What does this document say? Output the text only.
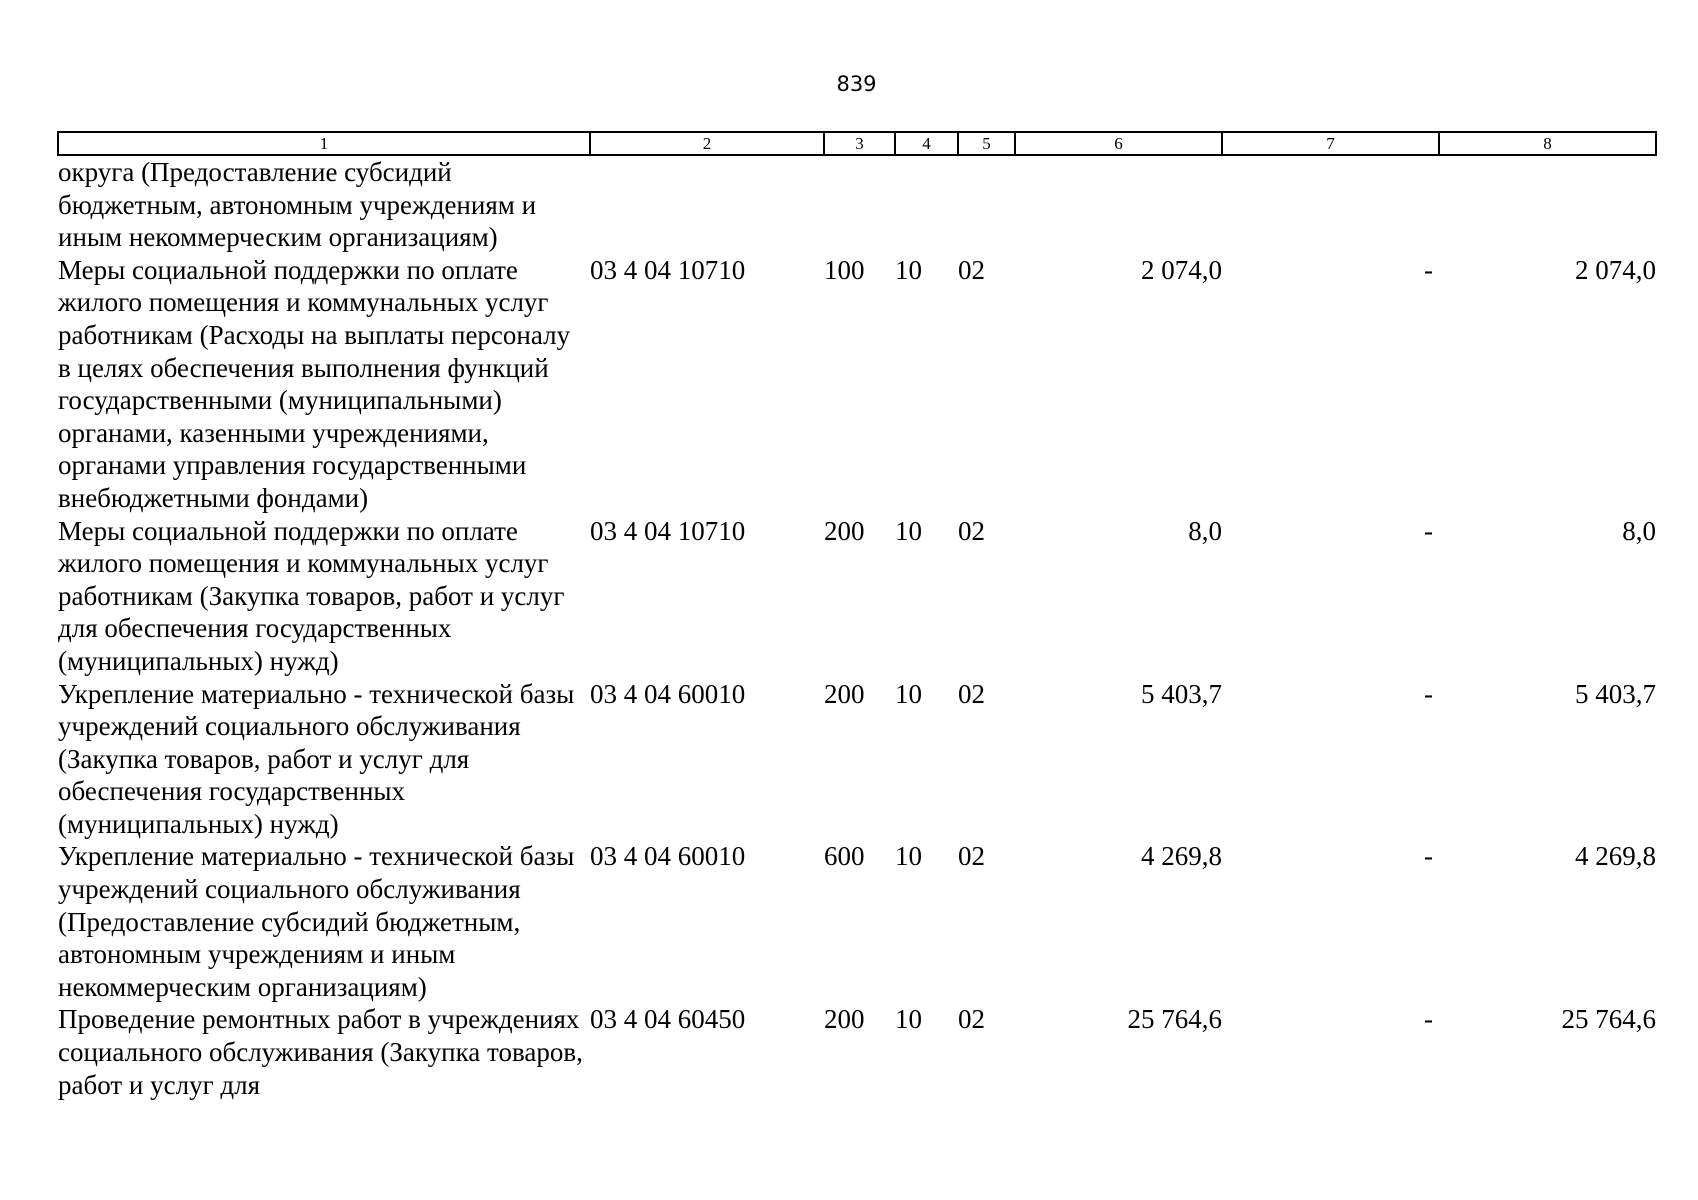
839
1	2	3	4	5	6	7	8
округа (Предоставление субсидий бюджетным, автономным учреждениям и иным некоммерческим организациям)							
Меры социальной поддержки по оплате жилого помещения и коммунальных услуг работникам (Расходы на выплаты персоналу в целях обеспечения выполнения функций государственными (муниципальными) органами, казенными учреждениями, органами управления государственными внебюджетными фондами)	03 4 04 10710	100	10	02	2 074,0	-	2 074,0
Меры социальной поддержки по оплате жилого помещения и коммунальных услуг работникам (Закупка товаров, работ и услуг для обеспечения государственных (муниципальных) нужд)	03 4 04 10710	200	10	02	8,0	-	8,0
Укрепление материально - технической базы учреждений социального обслуживания (Закупка товаров, работ и услуг для обеспечения государственных (муниципальных) нужд)	03 4 04 60010	200	10	02	5 403,7	-	5 403,7
Укрепление материально - технической базы учреждений социального обслуживания (Предоставление субсидий бюджетным, автономным учреждениям и иным некоммерческим организациям)	03 4 04 60010	600	10	02	4 269,8	-	4 269,8
Проведение ремонтных работ в учреждениях социального обслуживания (Закупка товаров, работ и услуг для	03 4 04 60450	200	10	02	25 764,6	-	25 764,6
